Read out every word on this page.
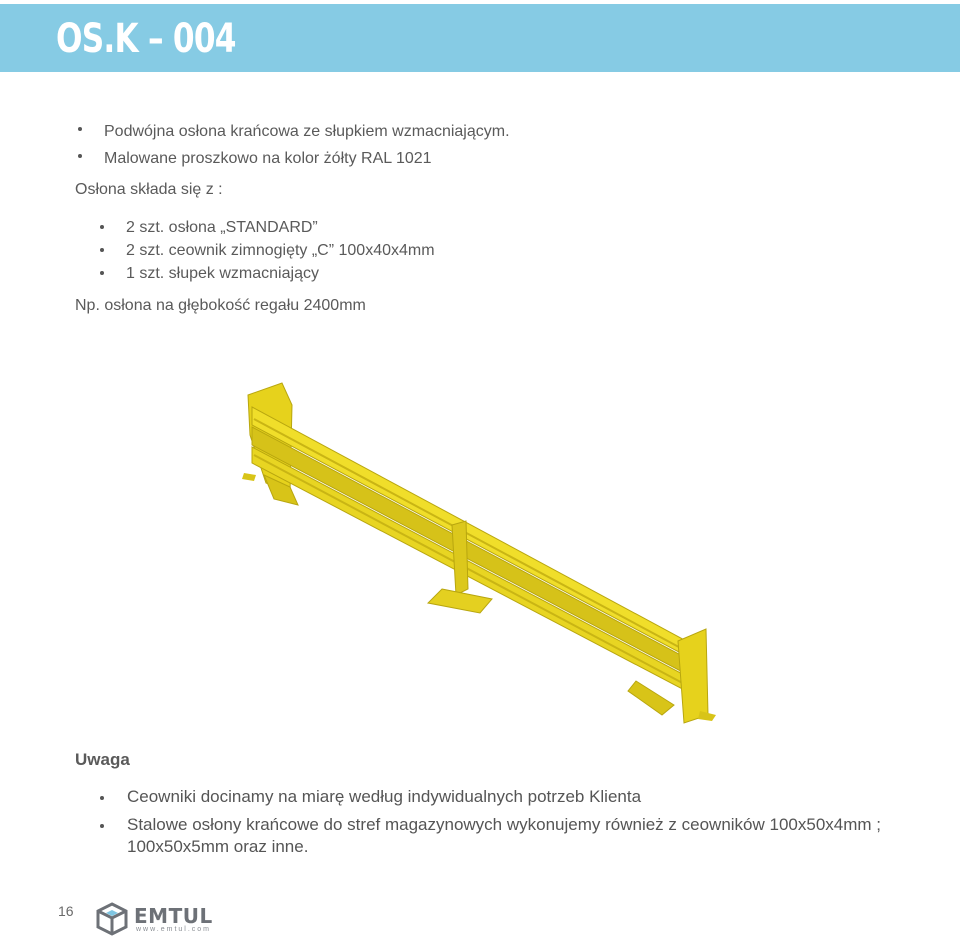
OS.K – 004
Podwójna osłona krańcowa ze słupkiem wzmacniającym.
Malowane proszkowo na kolor żółty RAL 1021
Osłona składa się z :
2 szt. osłona „STANDARD”
2 szt. ceownik zimnogięty „C” 100x40x4mm
1 szt. słupek wzmacniający
Np. osłona na głębokość regału 2400mm
Uwaga
Ceowniki docinamy na miarę według indywidualnych potrzeb Klienta
Stalowe osłony krańcowe do stref magazynowych wykonujemy również z ceowników 100x50x4mm ; 100x50x5mm oraz inne.
16	EMTUL
www.emtul.com
